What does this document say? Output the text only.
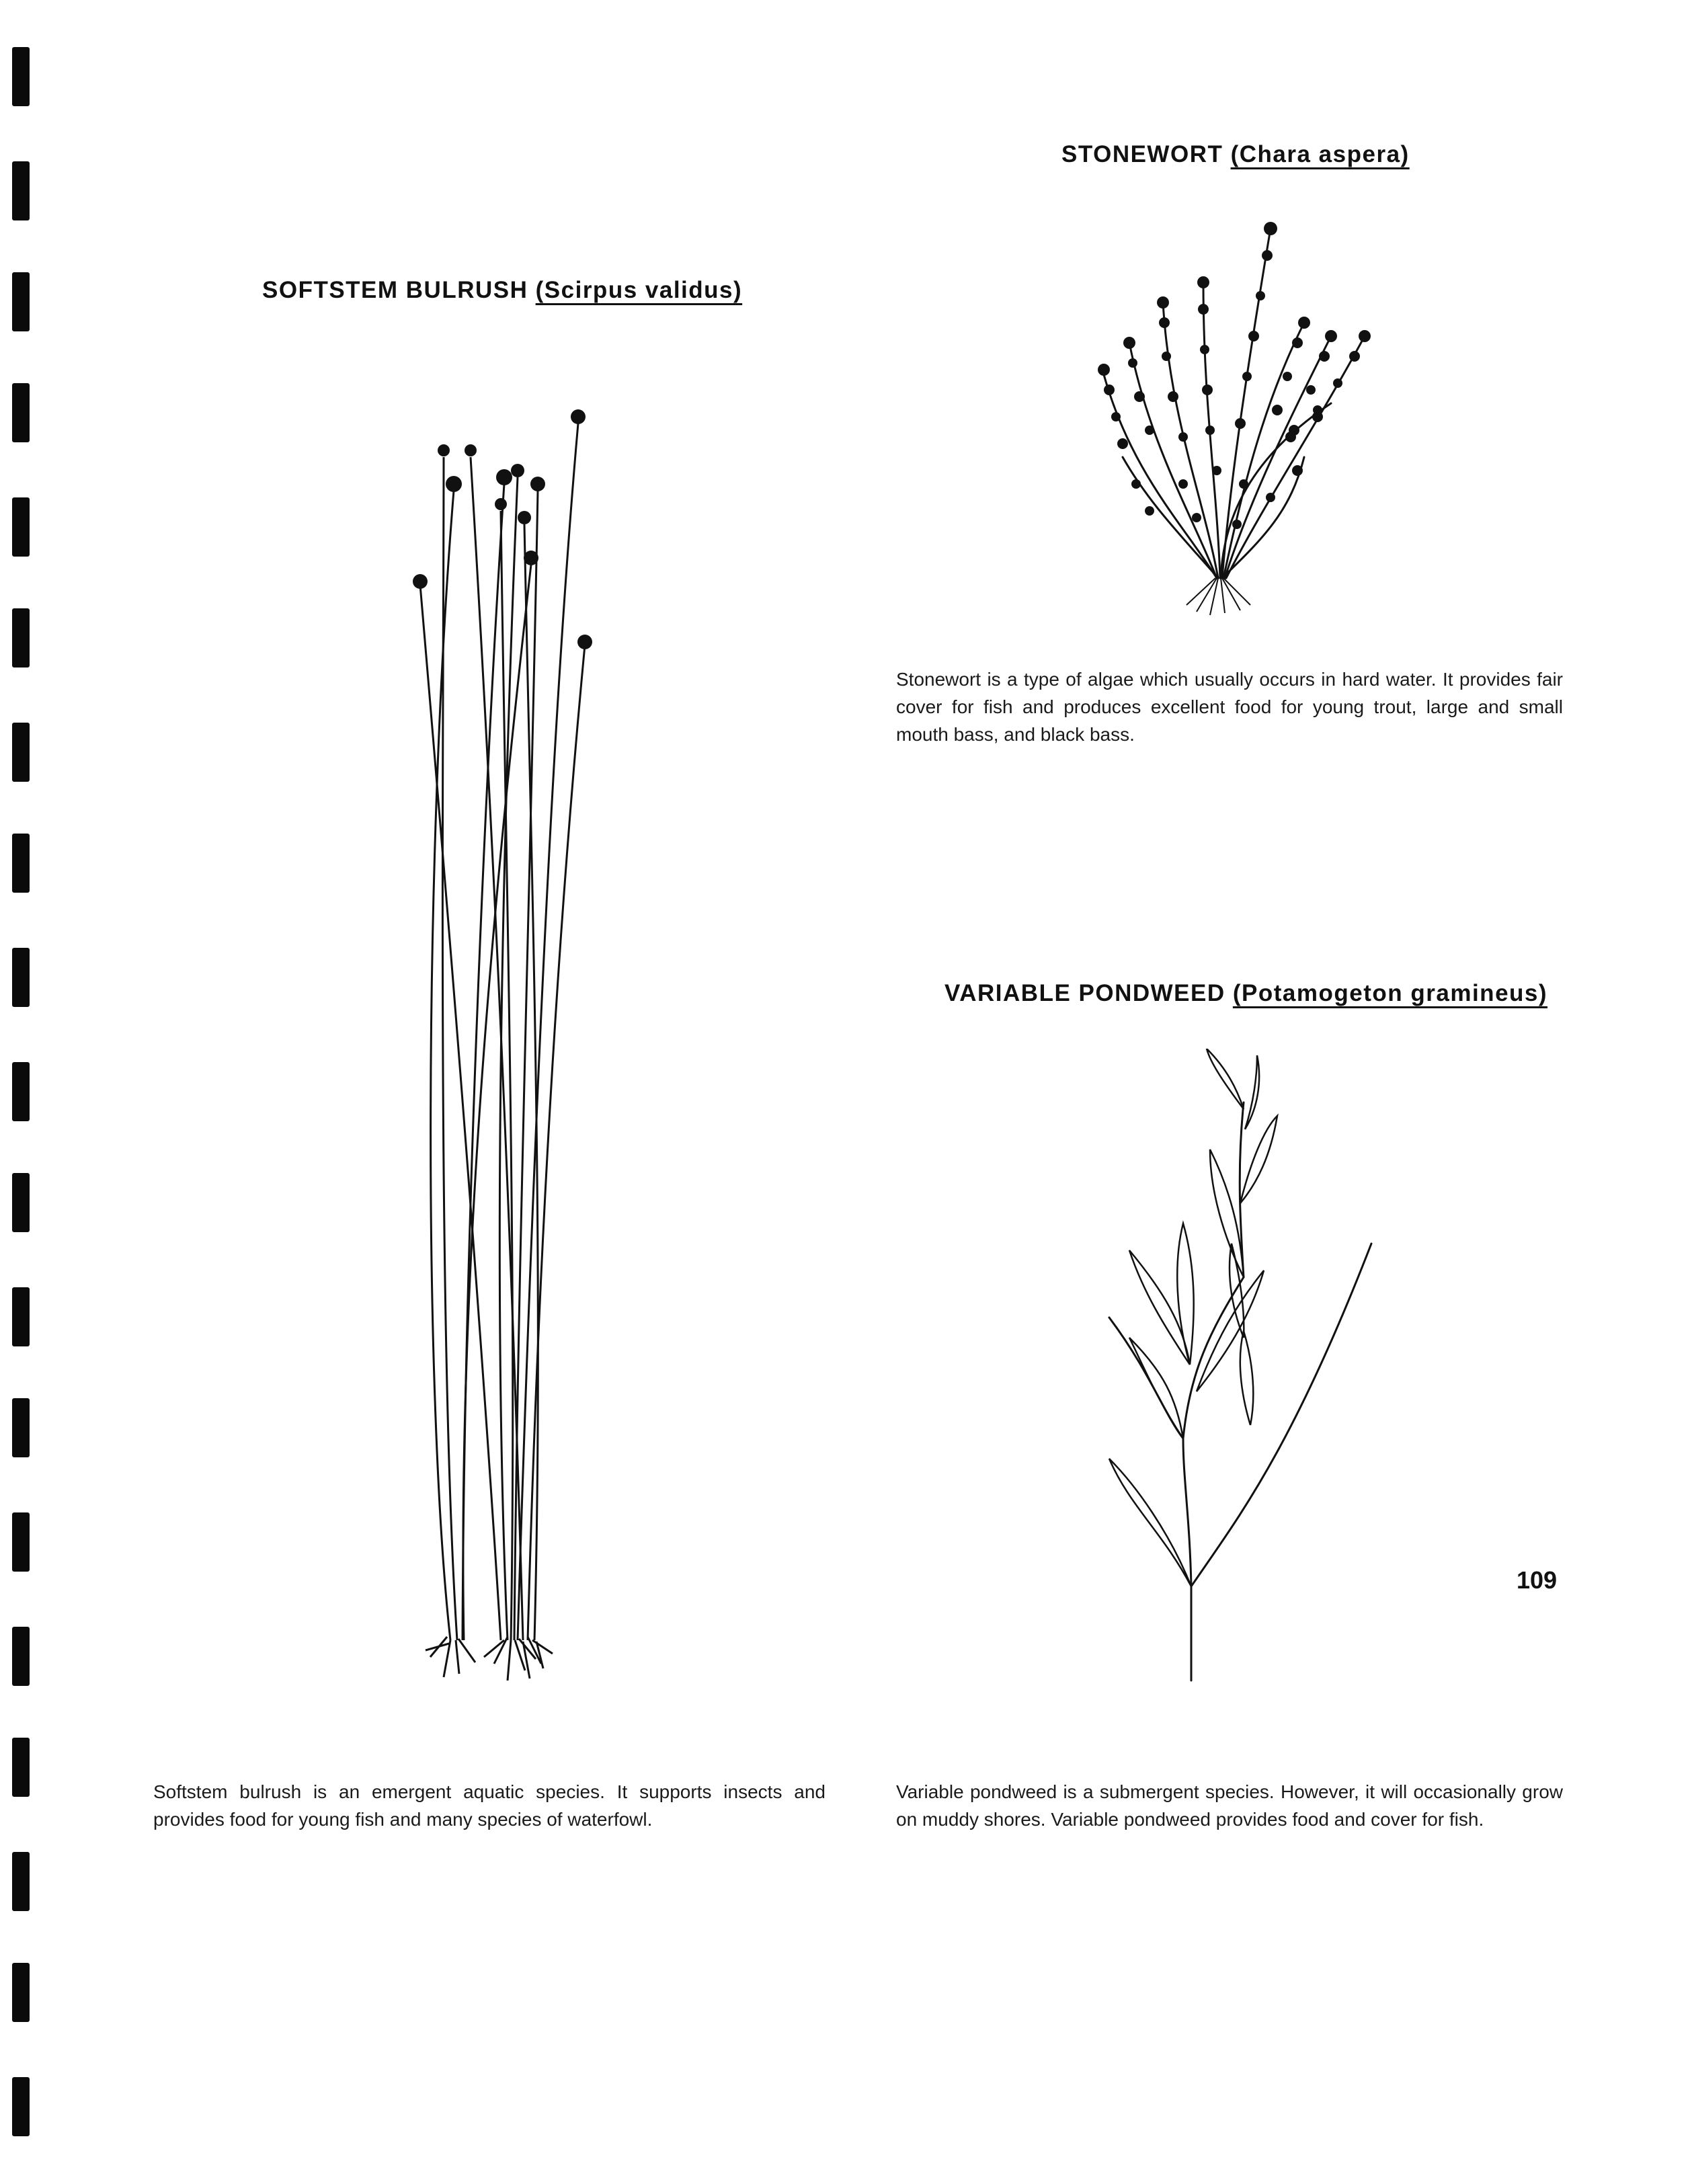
STONEWORT (Chara aspera)
Stonewort is a type of algae which usually occurs in hard water. It provides fair cover for fish and produces excellent food for young trout, large and small mouth bass, and black bass.
SOFTSTEM BULRUSH (Scirpus validus)
Softstem bulrush is an emergent aquatic species. It supports insects and provides food for young fish and many species of waterfowl.
VARIABLE PONDWEED (Potamogeton gramineus)
Variable pondweed is a submergent species. However, it will occasionally grow on muddy shores. Variable pondweed provides food and cover for fish.
109
